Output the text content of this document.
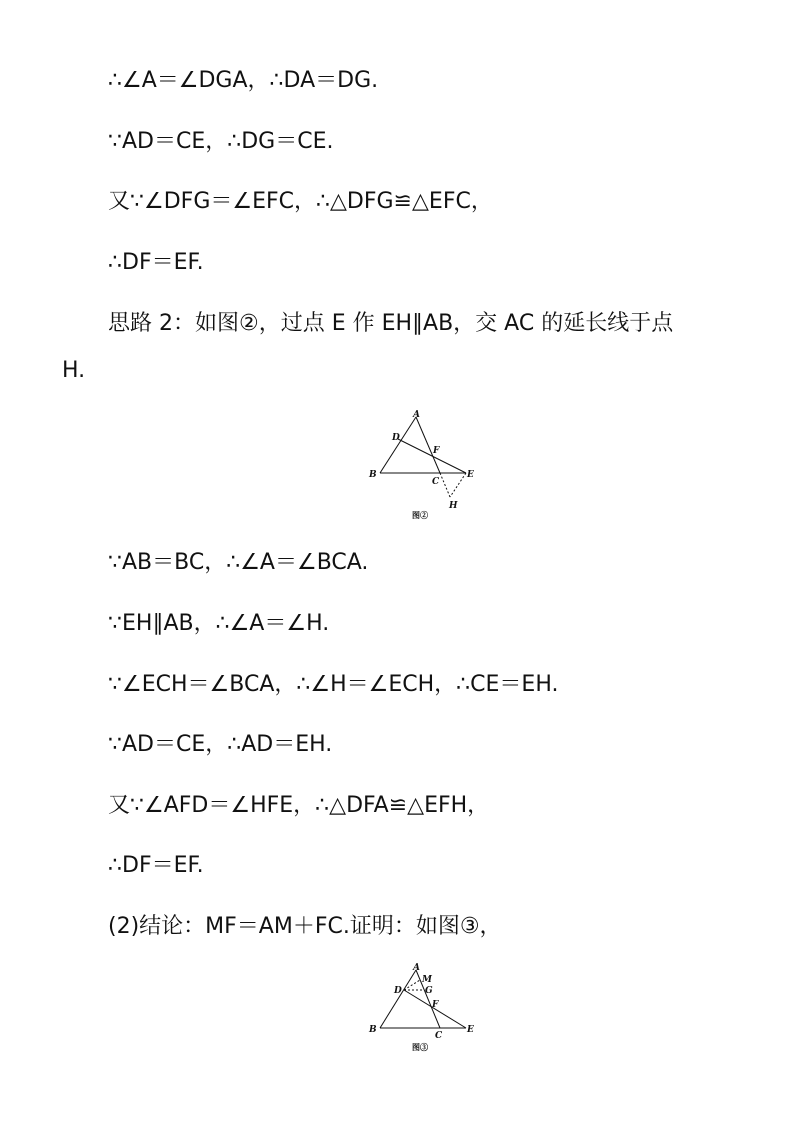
∴∠A＝∠DGA，∴DA＝DG.
∵AD＝CE，∴DG＝CE.
又∵∠DFG＝∠EFC，∴△DFG≌△EFC，
∴DF＝EF.
思路 2：如图②，过点 E 作 EH∥AB，交 AC 的延长线于点
H.
A
D
F
B
C
E
H
图②
∵AB＝BC，∴∠A＝∠BCA.
∵EH∥AB，∴∠A＝∠H.
∵∠ECH＝∠BCA，∴∠H＝∠ECH，∴CE＝EH.
∵AD＝CE，∴AD＝EH.
又∵∠AFD＝∠HFE，∴△DFA≌△EFH，
∴DF＝EF.
(2)结论：MF＝AM＋FC.证明：如图③，
A
M
D	G
F
B
C
E
图③
